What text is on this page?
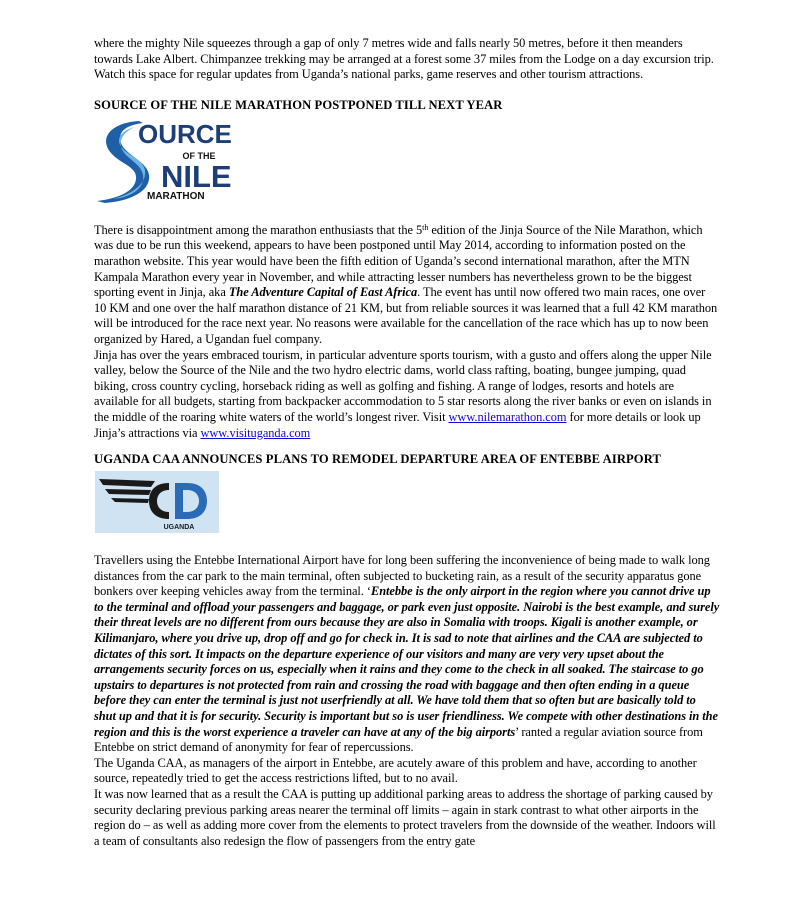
where the mighty Nile squeezes through a gap of only 7 metres wide and falls nearly 50 metres, before it then meanders towards Lake Albert. Chimpanzee trekking may be arranged at a forest some 37 miles from the Lodge on a day excursion trip.

Watch this space for regular updates from Uganda’s national parks, game reserves and other tourism attractions.

SOURCE OF THE NILE MARATHON POSTPONED TILL NEXT YEAR
OURCE
OF THE
NILE
MARATHON

There is disappointment among the marathon enthusiasts that the 5th edition of the Jinja Source of the Nile Marathon, which was due to be run this weekend, appears to have been postponed until May 2014, according to information posted on the marathon website. This year would have been the fifth edition of Uganda’s second international marathon, after the MTN Kampala Marathon every year in November, and while attracting lesser numbers has nevertheless grown to be the biggest sporting event in Jinja, aka The Adventure Capital of East Africa. The event has until now offered two main races, one over 10 KM and one over the half marathon distance of 21 KM, but from reliable sources it was learned that a full 42 KM marathon will be introduced for the race next year. No reasons were available for the cancellation of the race which has up to now been organized by Hared, a Ugandan fuel company.

Jinja has over the years embraced tourism, in particular adventure sports tourism, with a gusto and offers along the upper Nile valley, below the Source of the Nile and the two hydro electric dams, world class rafting, boating, bungee jumping, quad biking, cross country cycling, horseback riding as well as golfing and fishing. A range of lodges, resorts and hotels are available for all budgets, starting from backpacker accommodation to 5 star resorts along the river banks or even on islands in the middle of the roaring white waters of the world’s longest river. Visit www.nilemarathon.com for more details or look up Jinja’s attractions via www.visituganda.com

UGANDA CAA ANNOUNCES PLANS TO REMODEL DEPARTURE AREA OF ENTEBBE AIRPORT
UGANDA

Travellers using the Entebbe International Airport have for long been suffering the inconvenience of being made to walk long distances from the car park to the main terminal, often subjected to bucketing rain, as a result of the security apparatus gone bonkers over keeping vehicles away from the terminal. ‘Entebbe is the only airport in the region where you cannot drive up to the terminal and offload your passengers and baggage, or park even just opposite. Nairobi is the best example, and surely their threat levels are no different from ours because they are also in Somalia with troops. Kigali is another example, or Kilimanjaro, where you drive up, drop off and go for check in. It is sad to note that airlines and the CAA are subjected to dictates of this sort. It impacts on the departure experience of our visitors and many are very very upset about the arrangements security forces on us, especially when it rains and they come to the check in all soaked. The staircase to go upstairs to departures is not protected from rain and crossing the road with baggage and then often ending in a queue before they can enter the terminal is just not userfriendly at all. We have told them that so often but are basically told to shut up and that it is for security. Security is important but so is user friendliness. We compete with other destinations in the region and this is the worst experience a traveler can have at any of the big airports’ ranted a regular aviation source from Entebbe on strict demand of anonymity for fear of repercussions.

The Uganda CAA, as managers of the airport in Entebbe, are acutely aware of this problem and have, according to another source, repeatedly tried to get the access restrictions lifted, but to no avail.

It was now learned that as a result the CAA is putting up additional parking areas to address the shortage of parking caused by security declaring previous parking areas nearer the terminal off limits – again in stark contrast to what other airports in the region do – as well as adding more cover from the elements to protect travelers from the downside of the weather. Indoors will a team of consultants also redesign the flow of passengers from the entry gate
